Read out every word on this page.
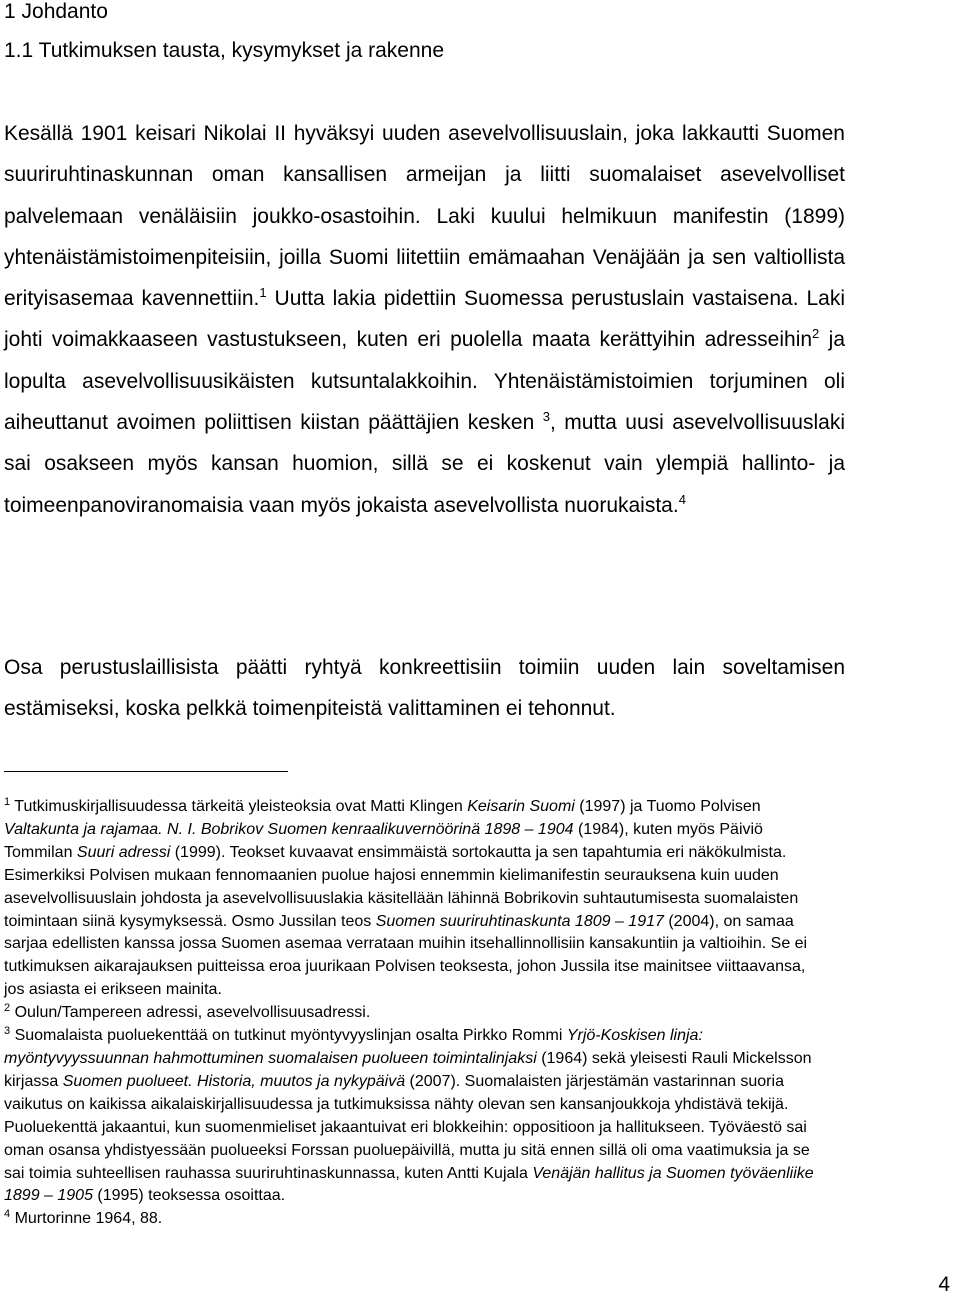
1 Johdanto
1.1 Tutkimuksen tausta, kysymykset ja rakenne

Kesällä 1901 keisari Nikolai II hyväksyi uuden asevelvollisuuslain, joka lakkautti Suomen suuriruhtinaskunnan oman kansallisen armeijan ja liitti suomalaiset asevelvolliset palvelemaan venäläisiin joukko-osastoihin. Laki kuului helmikuun manifestin (1899) yhtenäistämistoimenpiteisiin, joilla Suomi liitettiin emämaahan Venäjään ja sen valtiollista erityisasemaa kavennettiin.$^1$ Uutta lakia pidettiin Suomessa perustuslain vastaisena. Laki johti voimakkaaseen vastustukseen, kuten eri puolella maata kerättyihin adresseihin$^2$ ja lopulta asevelvollisuusikäisten kutsuntalakkoihin. Yhtenäistämistoimien torjuminen oli aiheuttanut avoimen poliittisen kiistan päättäjien kesken $^3$, mutta uusi asevelvollisuuslaki sai osakseen myös kansan huomion, sillä se ei koskenut vain ylempiä hallinto- ja toimeenpanoviranomaisia vaan myös jokaista asevelvollista nuorukaista.$^4$

Osa perustuslaillisista päätti ryhtyä konkreettisiin toimiin uuden lain soveltamisen estämiseksi, koska pelkkä toimenpiteistä valittaminen ei tehonnut.

$^1$ Tutkimuskirjallisuudessa tärkeitä yleisteoksia ovat Matti Klingen Keisarin Suomi (1997) ja Tuomo Polvisen Valtakunta ja rajamaa. N. I. Bobrikov Suomen kenraalikuvernöörinä 1898 – 1904 (1984), kuten myös Päiviö Tommilan Suuri adressi (1999). Teokset kuvaavat ensimmäistä sortokautta ja sen tapahtumia eri näkökulmista. Esimerkiksi Polvisen mukaan fennomaanien puolue hajosi ennemmin kielimanifestin seurauksena kuin uuden asevelvollisuuslain johdosta ja asevelvollisuuslakia käsitellään lähinnä Bobrikovin suhtautumisesta suomalaisten toimintaan siinä kysymyksessä. Osmo Jussilan teos Suomen suuriruhtinaskunta 1809 – 1917 (2004), on samaa sarjaa edellisten kanssa jossa Suomen asemaa verrataan muihin itsehallinnollisiin kansakuntiin ja valtioihin. Se ei tutkimuksen aikarajauksen puitteissa eroa juurikaan Polvisen teoksesta, johon Jussila itse mainitsee viittaavansa, jos asiasta ei erikseen mainita.

$^2$ Oulun/Tampereen adressi, asevelvollisuusadressi.

$^3$ Suomalaista puoluekenttää on tutkinut myöntyvyyslinjan osalta Pirkko Rommi Yrjö-Koskisen linja: myöntyvyyssuunnan hahmottuminen suomalaisen puolueen toimintalinjaksi (1964) sekä yleisesti Rauli Mickelsson kirjassa Suomen puolueet. Historia, muutos ja nykypäivä (2007). Suomalaisten järjestämän vastarinnan suoria vaikutus on kaikissa aikalaiskirjallisuudessa ja tutkimuksissa nähty olevan sen kansanjoukkoja yhdistävä tekijä. Puoluekenttä jakaantui, kun suomenmieliset jakaantuivat eri blokkeihin: oppositioon ja hallitukseen. Työväestö sai oman osansa yhdistyessään puolueeksi Forssan puoluepäivillä, mutta ju sitä ennen sillä oli oma vaatimuksia ja se sai toimia suhteellisen rauhassa suuriruhtinaskunnassa, kuten Antti Kujala Venäjän hallitus ja Suomen työväenliike 1899 – 1905 (1995) teoksessa osoittaa.

$^4$ Murtorinne 1964, 88.

4
